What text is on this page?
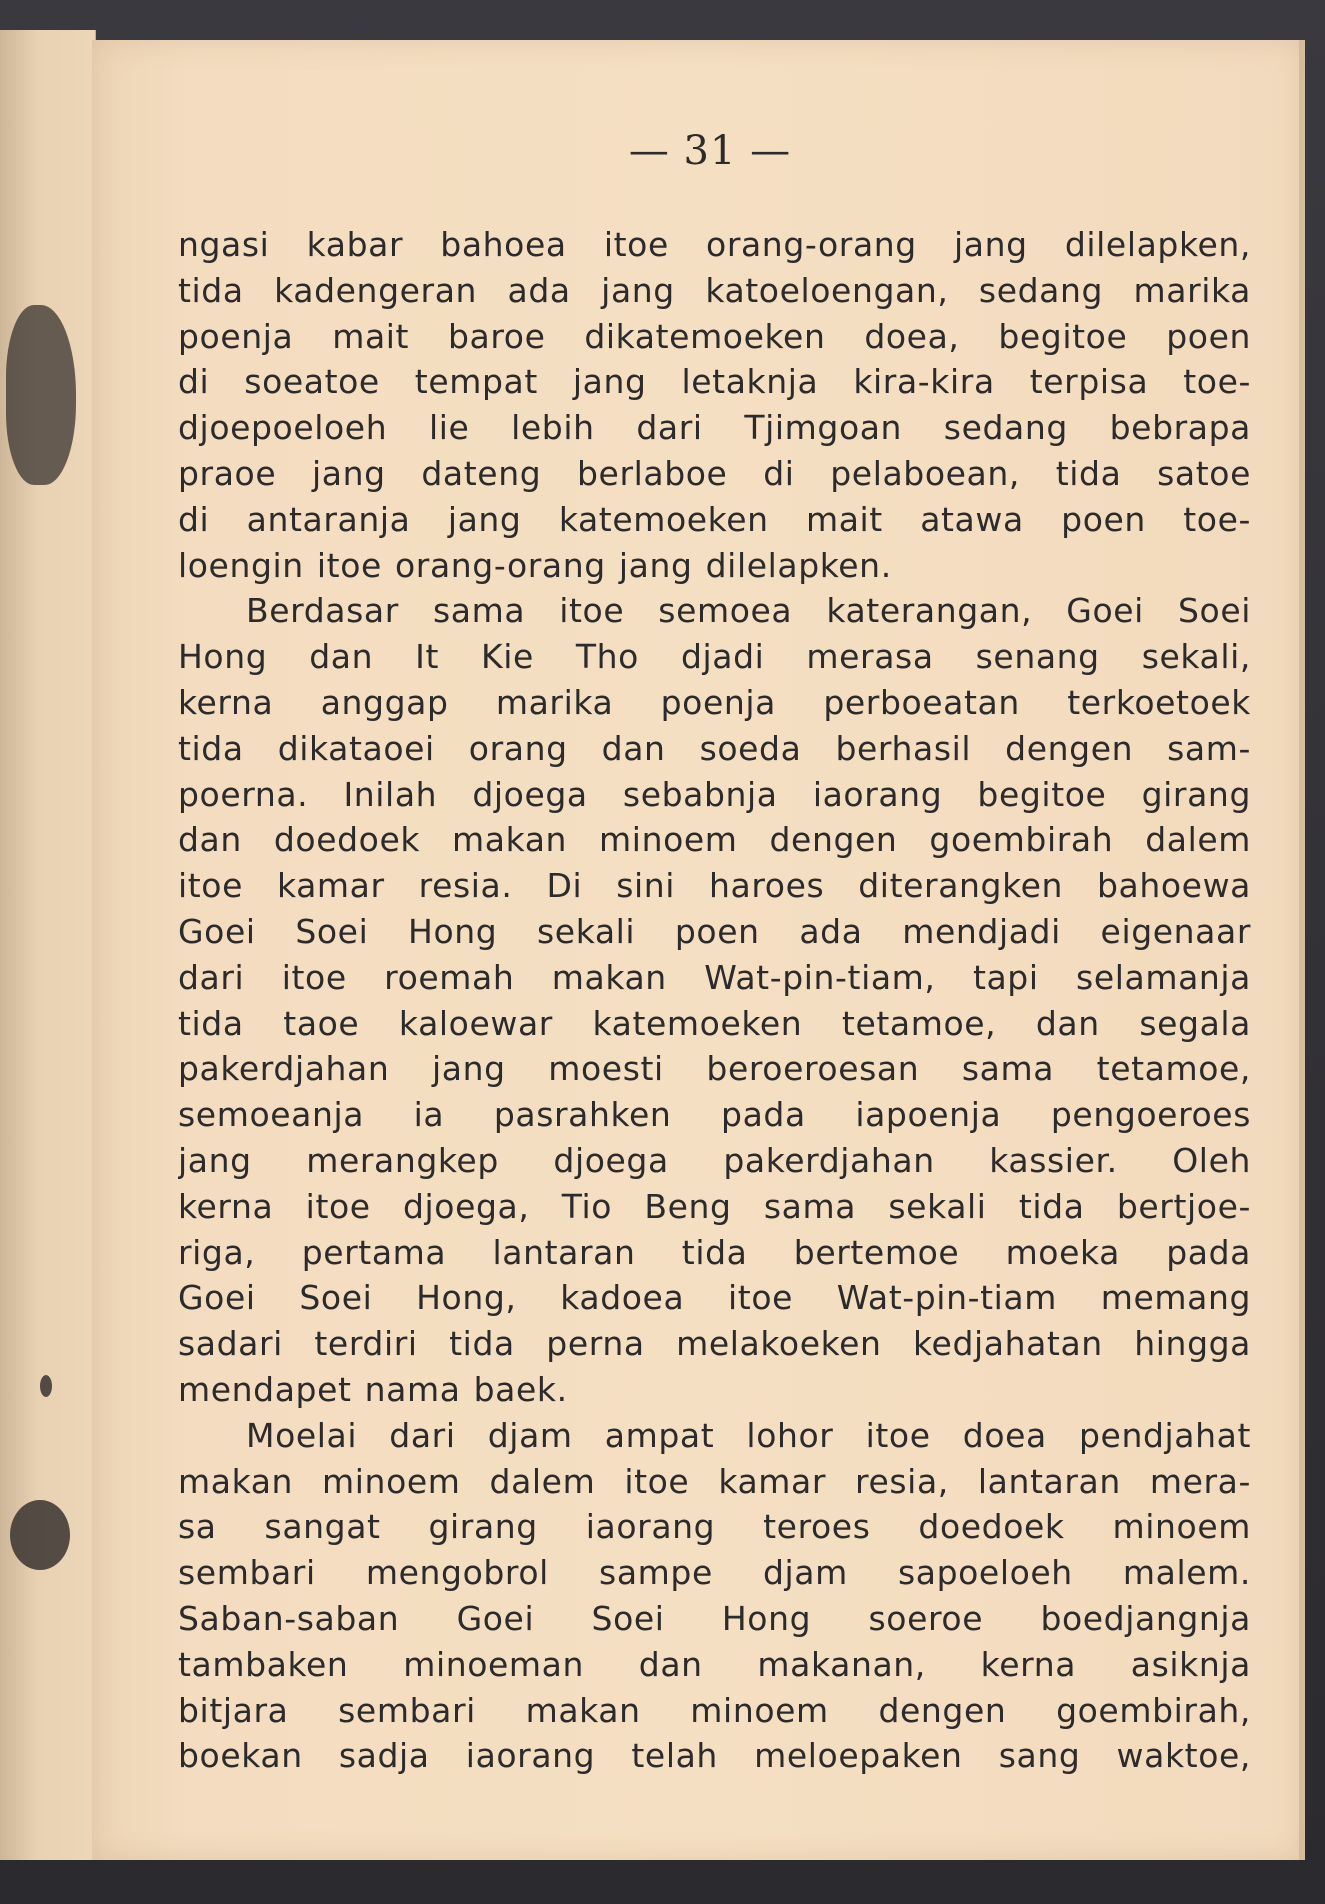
— 31 —
ngasi kabar bahoea itoe orang-orang jang dilelapken,
tida kadengeran ada jang katoeloengan, sedang marika
poenja mait baroe dikatemoeken doea, begitoe poen
di soeatoe tempat jang letaknja kira-kira terpisa toe-
djoepoeloeh lie lebih dari Tjimgoan sedang bebrapa
praoe jang dateng berlaboe di pelaboean, tida satoe
di antaranja jang katemoeken mait atawa poen toe-
loengin itoe orang-orang jang dilelapken.
Berdasar sama itoe semoea katerangan, Goei Soei
Hong dan It Kie Tho djadi merasa senang sekali,
kerna anggap marika poenja perboeatan terkoetoek
tida dikataoei orang dan soeda berhasil dengen sam-
poerna. Inilah djoega sebabnja iaorang begitoe girang
dan doedoek makan minoem dengen goembirah dalem
itoe kamar resia. Di sini haroes diterangken bahoewa
Goei Soei Hong sekali poen ada mendjadi eigenaar
dari itoe roemah makan Wat-pin-tiam, tapi selamanja
tida taoe kaloewar katemoeken tetamoe, dan segala
pakerdjahan jang moesti beroeroesan sama tetamoe,
semoeanja ia pasrahken pada iapoenja pengoeroes
jang merangkep djoega pakerdjahan kassier. Oleh
kerna itoe djoega, Tio Beng sama sekali tida bertjoe-
riga, pertama lantaran tida bertemoe moeka pada
Goei Soei Hong, kadoea itoe Wat-pin-tiam memang
sadari terdiri tida perna melakoeken kedjahatan hingga
mendapet nama baek.
Moelai dari djam ampat lohor itoe doea pendjahat
makan minoem dalem itoe kamar resia, lantaran mera-
sa sangat girang iaorang teroes doedoek minoem
sembari mengobrol sampe djam sapoeloeh malem.
Saban-saban Goei Soei Hong soeroe boedjangnja
tambaken minoeman dan makanan, kerna asiknja
bitjara sembari makan minoem dengen goembirah,
boekan sadja iaorang telah meloepaken sang waktoe,
